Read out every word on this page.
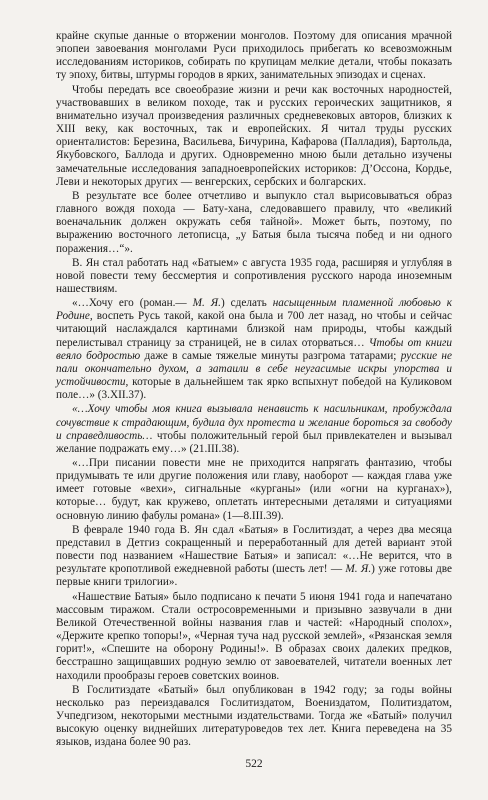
крайне скупые данные о вторжении монголов. Поэтому для описания мрачной эпопеи завоевания монголами Руси приходилось прибегать ко всевозможным исследованиям историков, собирать по крупицам мелкие детали, чтобы показать ту эпоху, битвы, штурмы городов в ярких, занимательных эпизодах и сценах.

Чтобы передать все своеобразие жизни и речи как восточных народностей, участвовавших в великом походе, так и русских героических защитников, я внимательно изучал произведения различных средневековых авторов, близких к XIII веку, как восточных, так и европейских. Я читал труды русских ориенталистов: Березина, Васильева, Бичурина, Кафарова (Палладия), Бартольда, Якубовского, Баллода и других. Одновременно мною были детально изучены замечательные исследования западноевропейских историков: Д’Оссона, Кордье, Леви и некоторых других — венгерских, сербских и болгарских.

В результате все более отчетливо и выпукло стал вырисовываться образ главного вождя похода — Бату-хана, следовавшего правилу, что «великий военачальник должен окружать себя тайной». Может быть, поэтому, по выражению восточного летописца, „у Батыя была тысяча побед и ни одного поражения…“».

В. Ян стал работать над «Батыем» с августа 1935 года, расширяя и углубляя в новой повести тему бессмертия и сопротивления русского народа иноземным нашествиям.

«…Хочу его (роман.— М. Я.) сделать насыщенным пламенной любовью к Родине, воспеть Русь такой, какой она была и 700 лет назад, но чтобы и сейчас читающий наслаждался картинами близкой нам природы, чтобы каждый перелистывал страницу за страницей, не в силах оторваться… Чтобы от книги веяло бодростью даже в самые тяжелые минуты разгрома татарами; русские не пали окончательно духом, а затаили в себе неугасимые искры упорства и устойчивости, которые в дальнейшем так ярко вспыхнут победой на Куликовом поле…» (3.XII.37).

«…Хочу чтобы моя книга вызывала ненависть к насильникам, пробуждала сочувствие к страдающим, будила дух протеста и желание бороться за свободу и справедливость… чтобы положительный герой был привлекателен и вызывал желание подражать ему…» (21.III.38).

«…При писании повести мне не приходится напрягать фантазию, чтобы придумывать те или другие положения или главу, наоборот — каждая глава уже имеет готовые «вехи», сигнальные «курганы» (или «огни на курганах»), которые… будут, как кружево, оплетать интересными деталями и ситуациями основную линию фабулы романа» (1—8.III.39).

В феврале 1940 года В. Ян сдал «Батыя» в Гослитиздат, а через два месяца представил в Детгиз сокращенный и переработанный для детей вариант этой повести под названием «Нашествие Батыя» и записал: «…Не верится, что в результате кропотливой ежедневной работы (шесть лет! — М. Я.) уже готовы две первые книги трилогии».

«Нашествие Батыя» было подписано к печати 5 июня 1941 года и напечатано массовым тиражом. Стали остросовременными и призывно зазвучали в дни Великой Отечественной войны названия глав и частей: «Народный сполох», «Держите крепко топоры!», «Черная туча над русской землей», «Рязанская земля горит!», «Спешите на оборону Родины!». В образах своих далеких предков, бесстрашно защищавших родную землю от завоевателей, читатели военных лет находили прообразы героев советских воинов.

В Гослитиздате «Батый» был опубликован в 1942 году; за годы войны несколько раз переиздавался Гослитиздатом, Воениздатом, Политиздатом, Учпедгизом, некоторыми местными издательствами. Тогда же «Батый» получил высокую оценку виднейших литературоведов тех лет. Книга переведена на 35 языков, издана более 90 раз.

522
